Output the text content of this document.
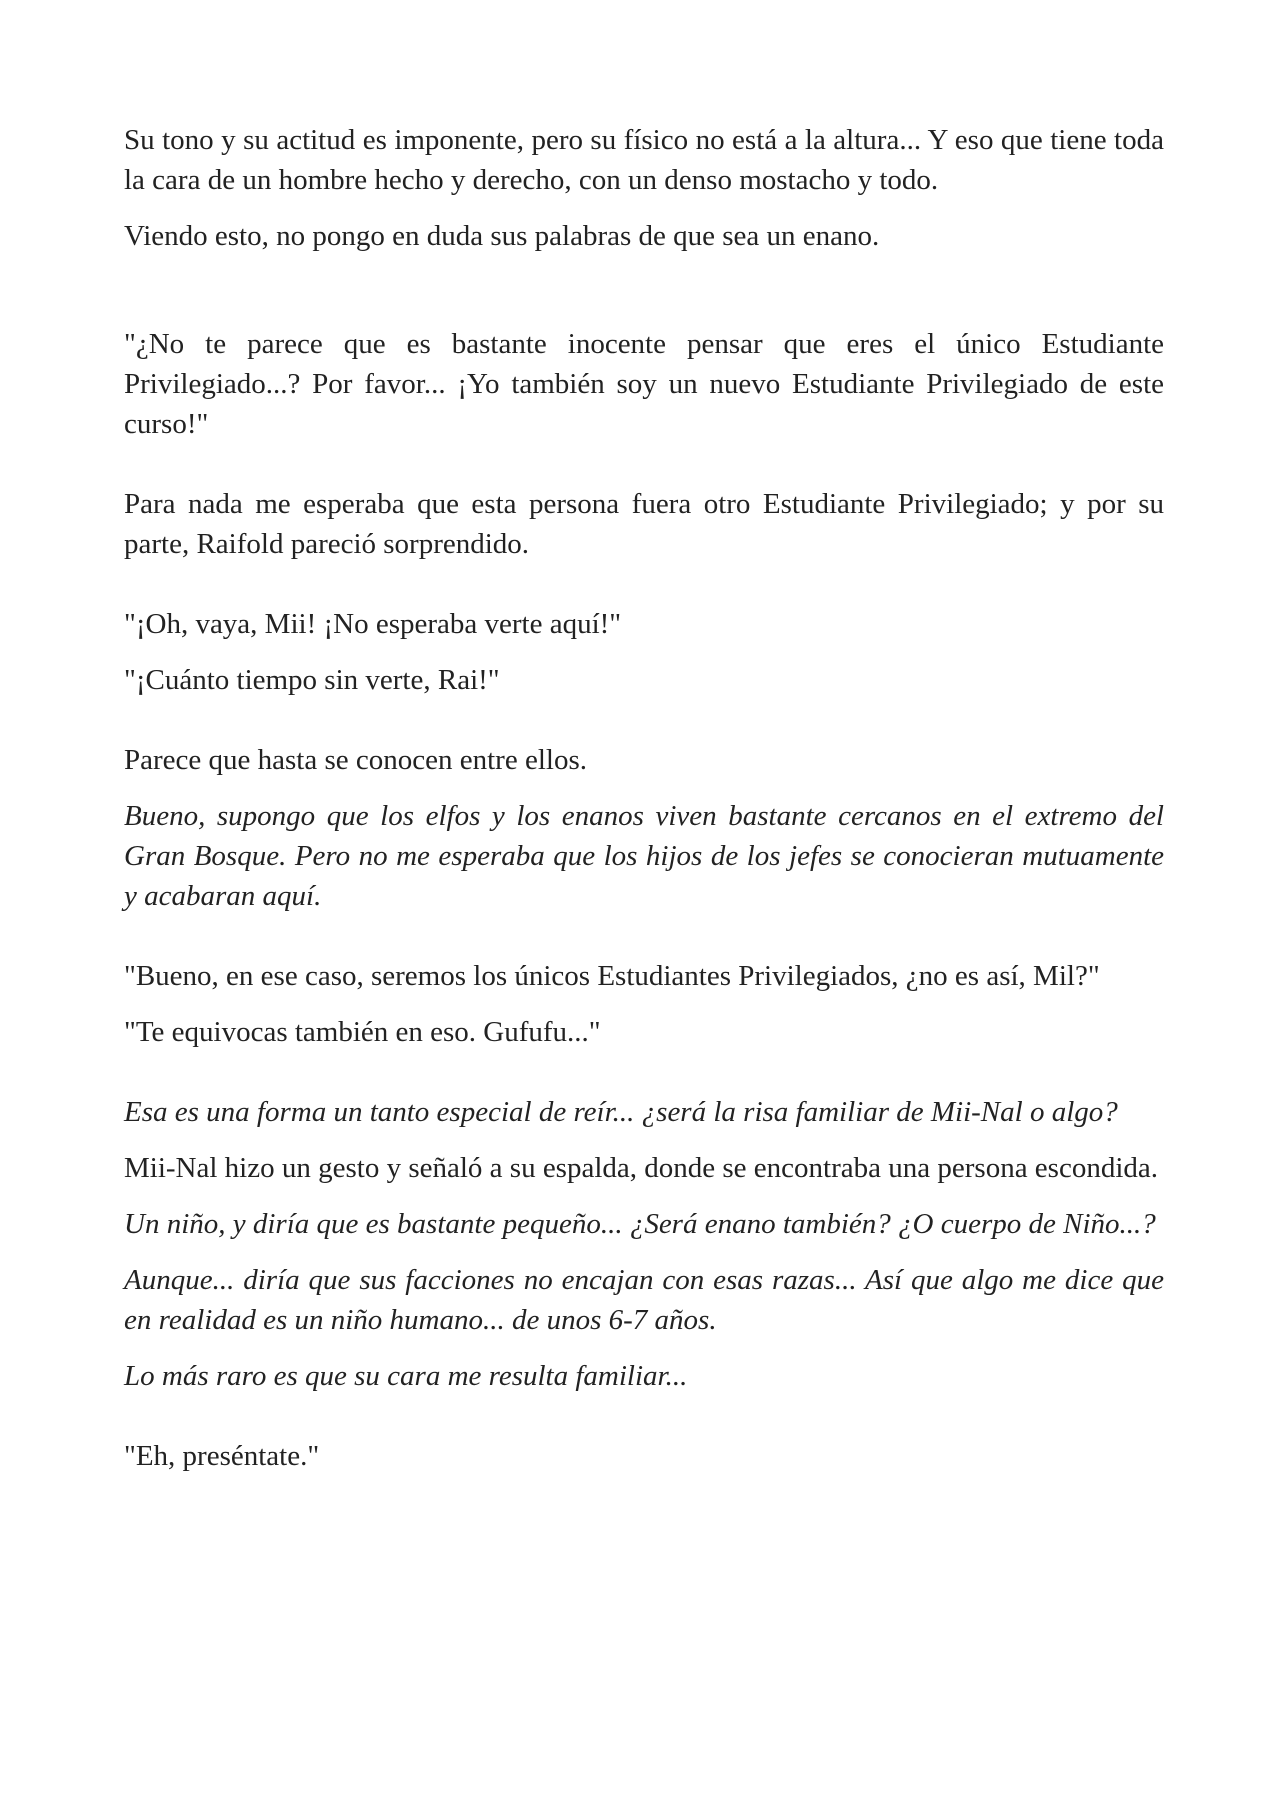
Su tono y su actitud es imponente, pero su físico no está a la altura... Y eso que tiene toda la cara de un hombre hecho y derecho, con un denso mostacho y todo.

Viendo esto, no pongo en duda sus palabras de que sea un enano.

"¿No te parece que es bastante inocente pensar que eres el único Estudiante Privilegiado...? Por favor... ¡Yo también soy un nuevo Estudiante Privilegiado de este curso!"

Para nada me esperaba que esta persona fuera otro Estudiante Privilegiado; y por su parte, Raifold pareció sorprendido.

"¡Oh, vaya, Mii! ¡No esperaba verte aquí!"

"¡Cuánto tiempo sin verte, Rai!"

Parece que hasta se conocen entre ellos.

Bueno, supongo que los elfos y los enanos viven bastante cercanos en el extremo del Gran Bosque. Pero no me esperaba que los hijos de los jefes se conocieran mutuamente y acabaran aquí.

"Bueno, en ese caso, seremos los únicos Estudiantes Privilegiados, ¿no es así, Mil?"

"Te equivocas también en eso. Gufufu..."

Esa es una forma un tanto especial de reír... ¿será la risa familiar de Mii-Nal o algo?

Mii-Nal hizo un gesto y señaló a su espalda, donde se encontraba una persona escondida.

Un niño, y diría que es bastante pequeño... ¿Será enano también? ¿O cuerpo de Niño...?

Aunque... diría que sus facciones no encajan con esas razas... Así que algo me dice que en realidad es un niño humano... de unos 6-7 años.

Lo más raro es que su cara me resulta familiar...

"Eh, preséntate."
